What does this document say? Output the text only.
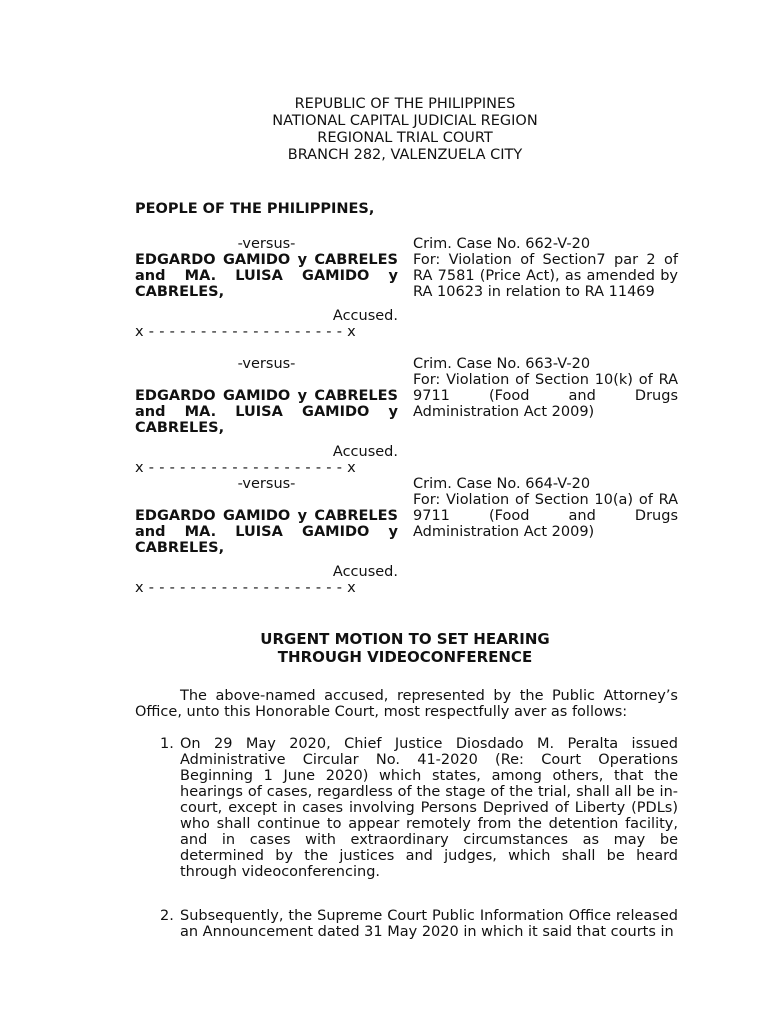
REPUBLIC OF THE PHILIPPINES
NATIONAL CAPITAL JUDICIAL REGION
REGIONAL TRIAL COURT
BRANCH 282, VALENZUELA CITY
PEOPLE OF THE PHILIPPINES,
-versus-
EDGARDO GAMIDO y CABRELES and MA. LUISA GAMIDO y CABRELES,
Accused.
x - - - - - - - - - - - - - - - - - - - x
Crim. Case No. 662-V-20
For: Violation of Section7 par 2 of RA 7581 (Price Act), as amended by RA 10623 in relation to RA 11469
-versus-
EDGARDO GAMIDO y CABRELES and MA. LUISA GAMIDO y CABRELES,
Accused.
x - - - - - - - - - - - - - - - - - - - x
Crim. Case No. 663-V-20
For: Violation of Section 10(k) of RA 9711 (Food and Drugs Administration Act 2009)
-versus-
EDGARDO GAMIDO y CABRELES and MA. LUISA GAMIDO y CABRELES,
Accused.
x - - - - - - - - - - - - - - - - - - - x
Crim. Case No. 664-V-20
For: Violation of Section 10(a) of RA 9711 (Food and Drugs Administration Act 2009)
URGENT MOTION TO SET HEARING
THROUGH VIDEOCONFERENCE
The above-named accused, represented by the Public Attorney’s Office, unto this Honorable Court, most respectfully aver as follows:
1. On 29 May 2020, Chief Justice Diosdado M. Peralta issued Administrative Circular No. 41-2020 (Re: Court Operations Beginning 1 June 2020) which states, among others, that the hearings of cases, regardless of the stage of the trial, shall all be in-court, except in cases involving Persons Deprived of Liberty (PDLs) who shall continue to appear remotely from the detention facility, and in cases with extraordinary circumstances as may be determined by the justices and judges, which shall be heard through videoconferencing.
2. Subsequently, the Supreme Court Public Information Office released an Announcement dated 31 May 2020 in which it said that courts in
